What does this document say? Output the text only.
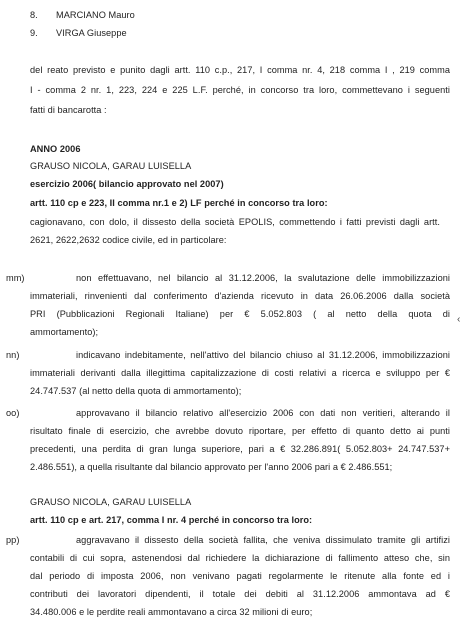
8. MARCIANO Mauro
9. VIRGA Giuseppe
del reato previsto e punito dagli artt. 110 c.p., 217, I comma nr. 4, 218 comma I , 219 comma
I - comma 2 nr. 1, 223, 224 e 225 L.F. perché, in concorso tra loro, commettevano i seguenti
fatti di bancarotta :
ANNO 2006
GRAUSO NICOLA, GARAU LUISELLA
esercizio 2006( bilancio approvato nel 2007)
artt. 110 cp e 223, II comma nr.1 e 2) LF perché in concorso tra loro:
cagionavano, con dolo, il dissesto della società EPOLIS, commettendo i fatti previsti dagli artt.
2621, 2622,2632 codice civile, ed in particolare:
mm)	non effettuavano, nel bilancio al 31.12.2006, la svalutazione delle immobilizzazioni
immateriali, rinvenienti dal conferimento d'azienda ricevuto in data 26.06.2006 dalla società
PRI (Pubblicazioni Regionali Italiane) per € 5.052.803 ( al netto della quota di
ammortamento);
‹
nn)	indicavano indebitamente, nell'attivo del bilancio chiuso al 31.12.2006, immobilizzazioni
immateriali derivanti dalla illegittima capitalizzazione di costi relativi a ricerca e sviluppo per €
24.747.537 (al netto della quota di ammortamento);
oo)	approvavano il bilancio relativo all'esercizio 2006 con dati non veritieri, alterando il
risultato finale di esercizio, che avrebbe dovuto riportare, per effetto di quanto detto ai punti
precedenti, una perdita di gran lunga superiore, pari a € 32.286.891( 5.052.803+ 24.747.537+
2.486.551), a quella risultante dal bilancio approvato per l'anno 2006 pari a € 2.486.551;
GRAUSO NICOLA, GARAU LUISELLA
artt. 110 cp e art. 217, comma I nr. 4 perché in concorso tra loro:
pp)	aggravavano il dissesto della società fallita, che veniva dissimulato tramite gli artifizi
contabili di cui sopra, astenendosi dal richiedere la dichiarazione di fallimento atteso che, sin
dal periodo di imposta 2006, non venivano pagati regolarmente le ritenute alla fonte ed i
contributi dei lavoratori dipendenti, il totale dei debiti al 31.12.2006 ammontava ad €
34.480.006 e le perdite reali ammontavano a circa 32 milioni di euro;
